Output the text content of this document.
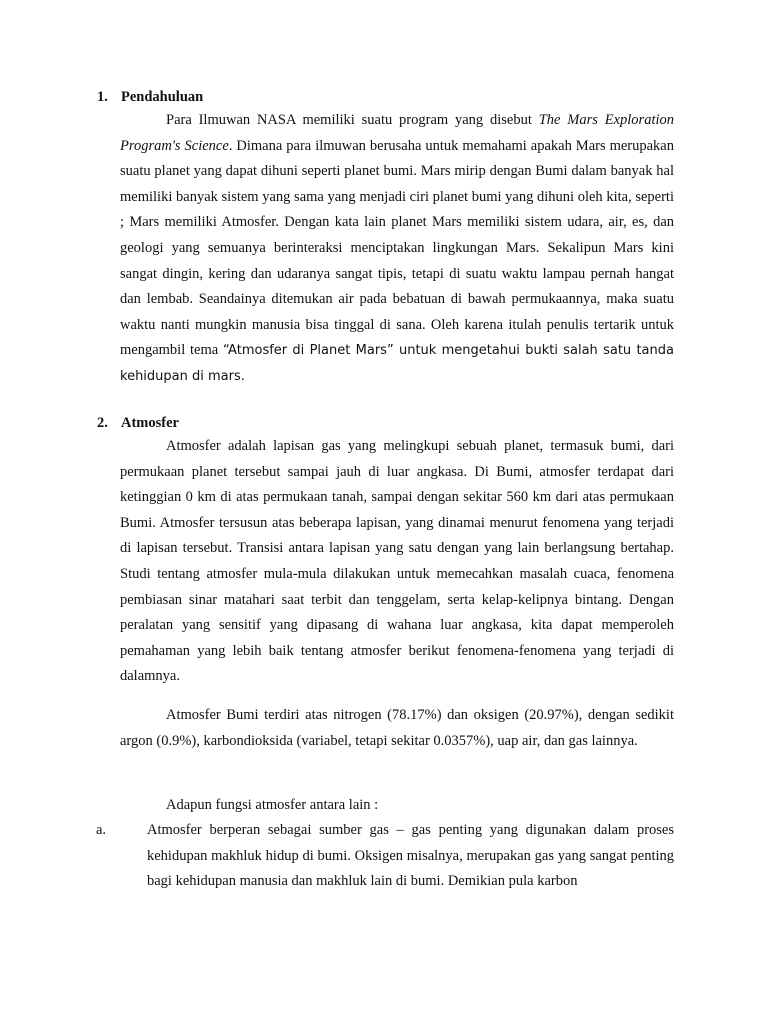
1. Pendahuluan

Para Ilmuwan NASA memiliki suatu program yang disebut The Mars Exploration Program's Science. Dimana para ilmuwan berusaha untuk memahami apakah Mars merupakan suatu planet yang dapat dihuni seperti planet bumi. Mars mirip dengan Bumi dalam banyak hal memiliki banyak sistem yang sama yang menjadi ciri planet bumi yang dihuni oleh kita, seperti ; Mars memiliki Atmosfer. Dengan kata lain planet Mars memiliki sistem udara, air, es, dan geologi yang semuanya berinteraksi menciptakan lingkungan Mars. Sekalipun Mars kini sangat dingin, kering dan udaranya sangat tipis, tetapi di suatu waktu lampau pernah hangat dan lembab. Seandainya ditemukan air pada bebatuan di bawah permukaannya, maka suatu waktu nanti mungkin manusia bisa tinggal di sana. Oleh karena itulah penulis tertarik untuk mengambil tema “Atmosfer di Planet Mars” untuk mengetahui bukti salah satu tanda kehidupan di mars.

2. Atmosfer

Atmosfer adalah lapisan gas yang melingkupi sebuah planet, termasuk bumi, dari permukaan planet tersebut sampai jauh di luar angkasa. Di Bumi, atmosfer terdapat dari ketinggian 0 km di atas permukaan tanah, sampai dengan sekitar 560 km dari atas permukaan Bumi. Atmosfer tersusun atas beberapa lapisan, yang dinamai menurut fenomena yang terjadi di lapisan tersebut. Transisi antara lapisan yang satu dengan yang lain berlangsung bertahap. Studi tentang atmosfer mula-mula dilakukan untuk memecahkan masalah cuaca, fenomena pembiasan sinar matahari saat terbit dan tenggelam, serta kelap-kelipnya bintang. Dengan peralatan yang sensitif yang dipasang di wahana luar angkasa, kita dapat memperoleh pemahaman yang lebih baik tentang atmosfer berikut fenomena-fenomena yang terjadi di dalamnya.

Atmosfer Bumi terdiri atas nitrogen (78.17%) dan oksigen (20.97%), dengan sedikit argon (0.9%), karbondioksida (variabel, tetapi sekitar 0.0357%), uap air, dan gas lainnya.

Adapun fungsi atmosfer antara lain :

a.	Atmosfer berperan sebagai sumber gas – gas penting yang digunakan dalam proses kehidupan makhluk hidup di bumi. Oksigen misalnya, merupakan gas yang sangat penting bagi kehidupan manusia dan makhluk lain di bumi. Demikian pula karbon
